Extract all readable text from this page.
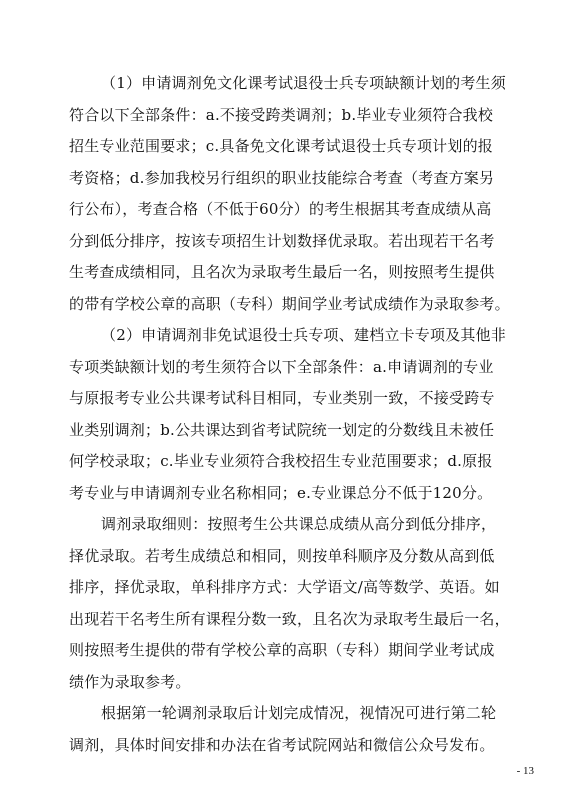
（1）申请调剂免文化课考试退役士兵专项缺额计划的考生须
符合以下全部条件：a.不接受跨类调剂；b.毕业专业须符合我校
招生专业范围要求；c.具备免文化课考试退役士兵专项计划的报
考资格；d.参加我校另行组织的职业技能综合考查（考查方案另
行公布），考查合格（不低于60分）的考生根据其考查成绩从高
分到低分排序，按该专项招生计划数择优录取。若出现若干名考
生考查成绩相同，且名次为录取考生最后一名，则按照考生提供
的带有学校公章的高职（专科）期间学业考试成绩作为录取参考。
（2）申请调剂非免试退役士兵专项、建档立卡专项及其他非
专项类缺额计划的考生须符合以下全部条件：a.申请调剂的专业
与原报考专业公共课考试科目相同，专业类别一致，不接受跨专
业类别调剂；b.公共课达到省考试院统一划定的分数线且未被任
何学校录取；c.毕业专业须符合我校招生专业范围要求；d.原报
考专业与申请调剂专业名称相同；e.专业课总分不低于120分。
调剂录取细则：按照考生公共课总成绩从高分到低分排序，
择优录取。若考生成绩总和相同，则按单科顺序及分数从高到低
排序，择优录取，单科排序方式：大学语文/高等数学、英语。如
出现若干名考生所有课程分数一致，且名次为录取考生最后一名，
则按照考生提供的带有学校公章的高职（专科）期间学业考试成
绩作为录取参考。
根据第一轮调剂录取后计划完成情况，视情况可进行第二轮
调剂，具体时间安排和办法在省考试院网站和微信公众号发布。
- 13
